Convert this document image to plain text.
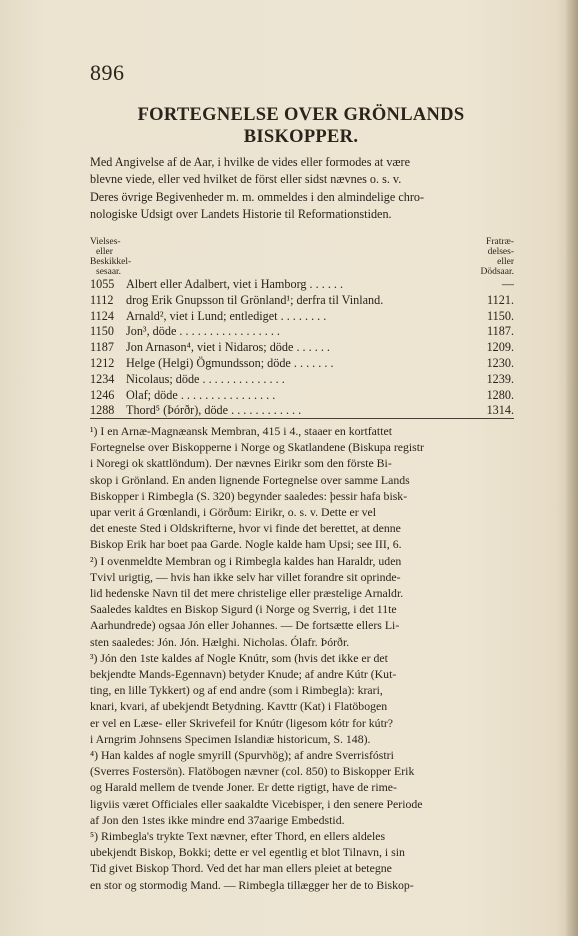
896
FORTEGNELSE OVER GRÖNLANDS
BISKOPPER.
Med Angivelse af de Aar, i hvilke de vides eller formodes at være
blevne viede, eller ved hvilket de först eller sidst nævnes o. s. v.
Deres övrige Begivenheder m. m. ommeldes i den almindelige chro-
nologiske Udsigt over Landets Historie til Reformationstiden.
Vielses-
eller
Beskikkel-
sesaar.
Fratræ-
delses-
eller
Dödsaar.
1055 Albert eller Adalbert, viet i Hamborg . . . . . .	—
1112	drog Erik Gnupsson til Grönland¹; derfra til Vinland.	1121.
1124 Arnald², viet i Lund; entlediget . . . . . . . .	1150.
1150 Jon³, döde . . . . . . . . . . . . . . . . .	1187.
1187 Jon Arnason⁴, viet i Nidaros; döde . . . . . .	1209.
1212 Helge (Helgi) Ögmundsson; döde . . . . . . .	1230.
1234 Nicolaus; döde . . . . . . . . . . . . . .	1239.
1246 Olaf; döde . . . . . . . . . . . . . . . .	1280.
1288 Thord⁵ (Þórðr), döde . . . . . . . . . . . .	1314.
¹) I en Arnæ-Magnæansk Membran, 415 i 4., staaer en kortfattet
Fortegnelse over Biskopperne i Norge og Skatlandene (Biskupa registr
i Noregi ok skattlöndum). Der nævnes Eirikr som den förste Bi-
skop i Grönland. En anden lignende Fortegnelse over samme Lands
Biskopper i Rimbegla (S. 320) begynder saaledes: þessir hafa bisk-
upar verit á Grœnlandi, i Görðum: Eirikr, o. s. v. Dette er vel
det eneste Sted i Oldskrifterne, hvor vi finde det berettet, at denne
Biskop Erik har boet paa Garde. Nogle kalde ham Upsi; see III, 6.
²) I ovenmeldte Membran og i Rimbegla kaldes han Haraldr, uden
Tvivl urigtig, — hvis han ikke selv har villet forandre sit oprinde-
lid hedenske Navn til det mere christelige eller præstelige Arnaldr.
Saaledes kaldtes en Biskop Sigurd (i Norge og Sverrig, i det 11te
Aarhundrede) ogsaa Jón eller Johannes. — De fortsætte ellers Li-
sten saaledes: Jón. Jón. Hælghi. Nicholas. Ólafr. Þórðr.
³) Jón den 1ste kaldes af Nogle Knútr, som (hvis det ikke er det
bekjendte Mands-Egennavn) betyder Knude; af andre Kútr (Kut-
ting, en lille Tykkert) og af end andre (som i Rimbegla): krari,
knari, kvari, af ubekjendt Betydning. Kavttr (Kat) i Flatöbogen
er vel en Læse- eller Skrivefeil for Knútr (ligesom kótr for kútr?
i Arngrim Johnsens Specimen Islandiæ historicum, S. 148).
⁴) Han kaldes af nogle smyrill (Spurvhög); af andre Sverrisfóstri
(Sverres Fostersön). Flatöbogen nævner (col. 850) to Biskopper Erik
og Harald mellem de tvende Joner. Er dette rigtigt, have de rime-
ligviis været Officiales eller saakaldte Vicebisper, i den senere Periode
af Jon den 1stes ikke mindre end 37aarige Embedstid.
⁵) Rimbegla's trykte Text nævner, efter Thord, en ellers aldeles
ubekjendt Biskop, Bokki; dette er vel egentlig et blot Tilnavn, i sin
Tid givet Biskop Thord. Ved det har man ellers pleiet at betegne
en stor og stormodig Mand. — Rimbegla tillægger her de to Biskop-
